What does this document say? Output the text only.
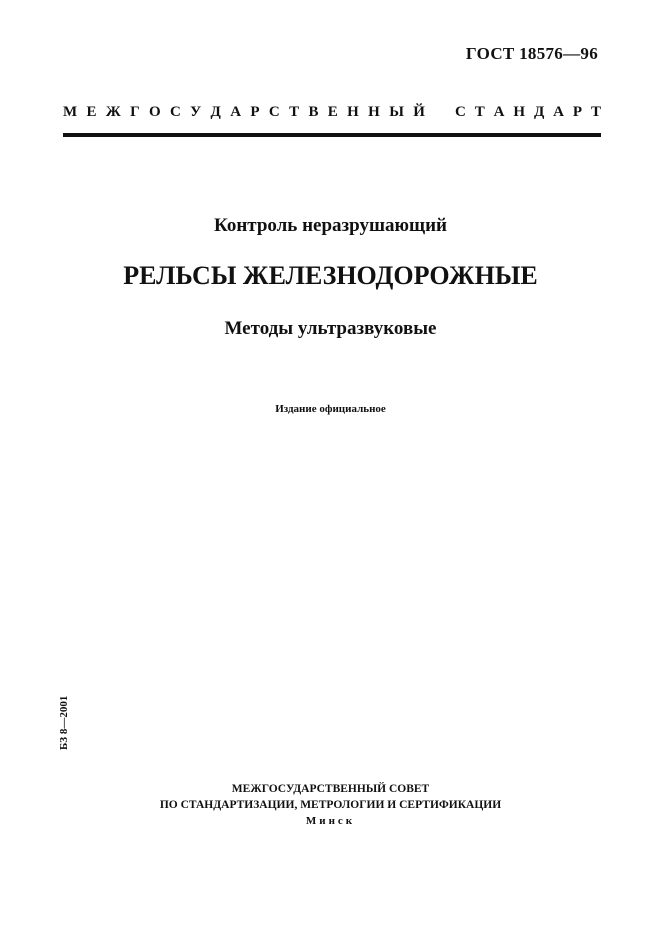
ГОСТ 18576—96
М Е Ж Г О С У Д А Р С Т В Е Н Н Ы Й С Т А Н Д А Р Т
Контроль неразрушающий
РЕЛЬСЫ ЖЕЛЕЗНОДОРОЖНЫЕ
Методы ультразвуковые
Издание официальное
БЗ 8—2001
МЕЖГОСУДАРСТВЕННЫЙ СОВЕТ
ПО СТАНДАРТИЗАЦИИ, МЕТРОЛОГИИ И СЕРТИФИКАЦИИ
Минск
